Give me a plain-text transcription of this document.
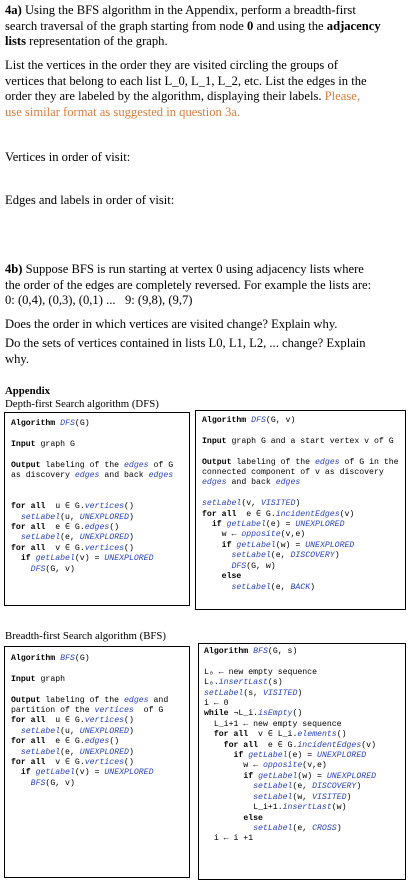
4a) Using the BFS algorithm in the Appendix, perform a breadth-first
search traversal of the graph starting from node 0 and using the adjacency
lists representation of the graph.
List the vertices in the order they are visited circling the groups of
vertices that belong to each list L_0, L_1, L_2, etc. List the edges in the
order they are labeled by the algorithm, displaying their labels. Please,
use similar format as suggested in question 3a.
Vertices in order of visit:
Edges and labels in order of visit:
4b) Suppose BFS is run starting at vertex 0 using adjacency lists where
the order of the edges are completely reversed. For example the lists are:
0: (0,4), (0,3), (0,1) ...   9: (9,8), (9,7)
Does the order in which vertices are visited change? Explain why.
Do the sets of vertices contained in lists L0, L1, L2, ... change? Explain
why.
Appendix
Depth-first Search algorithm (DFS)
Algorithm DFS(G)

Input graph G

Output labeling of the edges of G
as discovery edges and back edges

for all  u ∈ G.vertices()
setLabel(u, UNEXPLORED)
for all  e ∈ G.edges()
setLabel(e, UNEXPLORED)
for all  v ∈ G.vertices()
if getLabel(v) = UNEXPLORED
DFS(G, v)
Algorithm DFS(G, v)

Input graph G and a start vertex v of G

Output labeling of the edges of G in the
connected component of v as discovery
edges and back edges

setLabel(v, VISITED)
for all  e ∈ G.incidentEdges(v)
if getLabel(e) = UNEXPLORED
w ← opposite(v,e)
if getLabel(w) = UNEXPLORED
setLabel(e, DISCOVERY)
DFS(G, w)
else
setLabel(e, BACK)
Breadth-first Search algorithm (BFS)
Algorithm BFS(G)

Input graph

Output labeling of the edges and
partition of the vertices  of G
for all  u ∈ G.vertices()
setLabel(u, UNEXPLORED)
for all  e ∈ G.edges()
setLabel(e, UNEXPLORED)
for all  v ∈ G.vertices()
if getLabel(v) = UNEXPLORED
BFS(G, v)
Algorithm BFS(G, s)

L₀ ← new empty sequence
L₀.insertLast(s)
setLabel(s, VISITED)
i ← 0
while ¬L_i.isEmpty()
L_i+1 ← new empty sequence
for all  v ∈ L_i.elements()
for all  e ∈ G.incidentEdges(v)
if getLabel(e) = UNEXPLORED
w ← opposite(v,e)
if getLabel(w) = UNEXPLORED
setLabel(e, DISCOVERY)
setLabel(w, VISITED)
L_i+1.insertLast(w)
else
setLabel(e, CROSS)
i ← i +1
